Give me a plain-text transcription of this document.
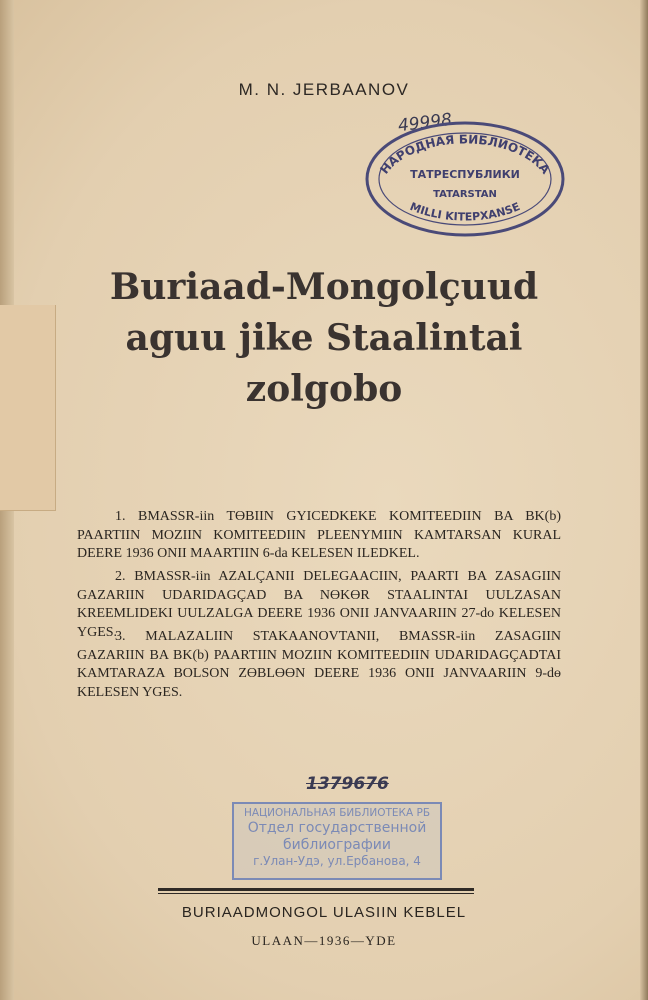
M. N. JERBAANOV
49998
НАРОДНАЯ БИБЛИОТЕКА
ТАТРЕСПУБЛИКИ
TATARSTAN
MILLI KITEPXANSE
Buriaad-Mongolçuud
aguu jike Staalintai
zolgobo
1. BMASSR-iin TƟBIIN GYICEDKEKE KOMITEEDIIN BA BK(b) PAARTIIN MOZIIN KOMITEEDIIN PLEENYMIIN KAMTARSAN KURAL DEERE 1936 ONII MAARTIIN 6-da KELESEN ILEDKEL.
2. BMASSR-iin AZALÇANII DELEGAACIIN, PAARTI BA ZASAGIIN GAZARIIN UDARIDAGÇAD BA NƟKƟR STAALINTAI UULZASAN KREEMLIDEKI UULZALGA DEERE 1936 ONII JANVAARIIN 27-do KELESEN YGES.
3. MALAZALIIN STAKAANOVTANII, BMASSR-iin ZASAGIIN GAZARIIN BA BK(b) PAARTIIN MOZIIN KOMITEEDIIN UDARIDAGÇADTAI KAMTARAZA BOLSON ZƟBLƟƟN DEERE 1936 ONII JANVAARIIN 9-dɵ KELESEN YGES.
1379676
НАЦИОНАЛЬНАЯ БИБЛИОТЕКА РБ
Отдел государственной
библиографии
г.Улан-Удэ, ул.Ербанова, 4
BURIAADMONGOL ULASIIN KEBLEL
ULAAN—1936—YDE
